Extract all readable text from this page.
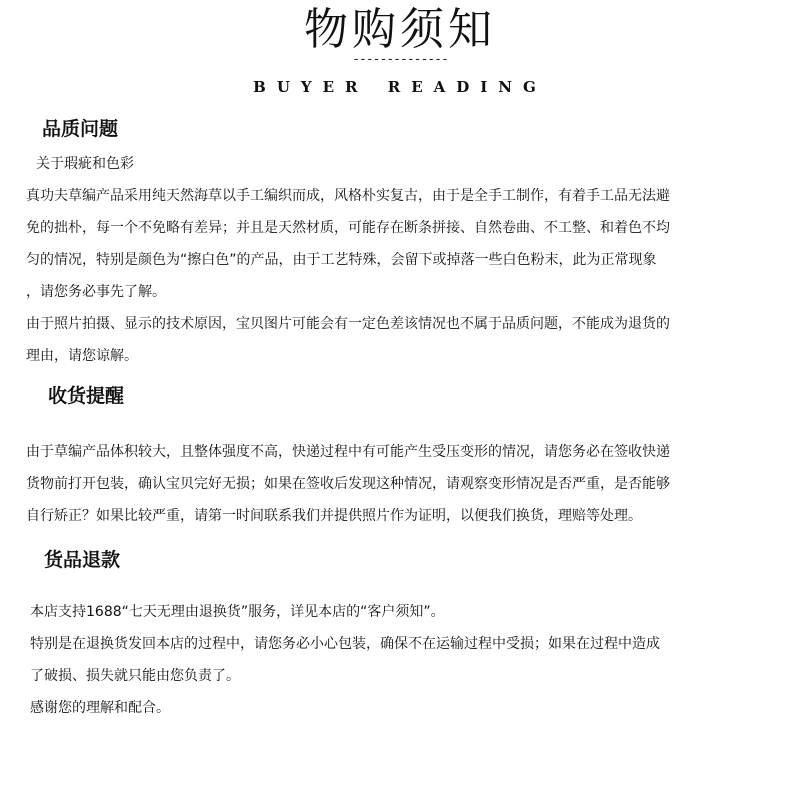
物购须知
--------------
BUYER READING
品质问题
关于瑕疵和色彩
真功夫草编产品采用纯天然海草以手工编织而成，风格朴实复古，由于是全手工制作，有着手工品无法避
免的拙朴，每一个不免略有差异；并且是天然材质，可能存在断条拼接、自然卷曲、不工整、和着色不均
匀的情况，特别是颜色为“擦白色”的产品，由于工艺特殊，会留下或掉落一些白色粉末，此为正常现象
，请您务必事先了解。
由于照片拍摄、显示的技术原因，宝贝图片可能会有一定色差该情况也不属于品质问题，不能成为退货的
理由，请您谅解。
收货提醒
由于草编产品体积较大，且整体强度不高，快递过程中有可能产生受压变形的情况，请您务必在签收快递
货物前打开包装，确认宝贝完好无损；如果在签收后发现这种情况，请观察变形情况是否严重，是否能够
自行矫正？如果比较严重，请第一时间联系我们并提供照片作为证明，以便我们换货，理赔等处理。
货品退款
本店支持1688“七天无理由退换货”服务，详见本店的“客户须知”。
特别是在退换货发回本店的过程中，请您务必小心包装，确保不在运输过程中受损；如果在过程中造成
了破损、损失就只能由您负责了。
感谢您的理解和配合。
